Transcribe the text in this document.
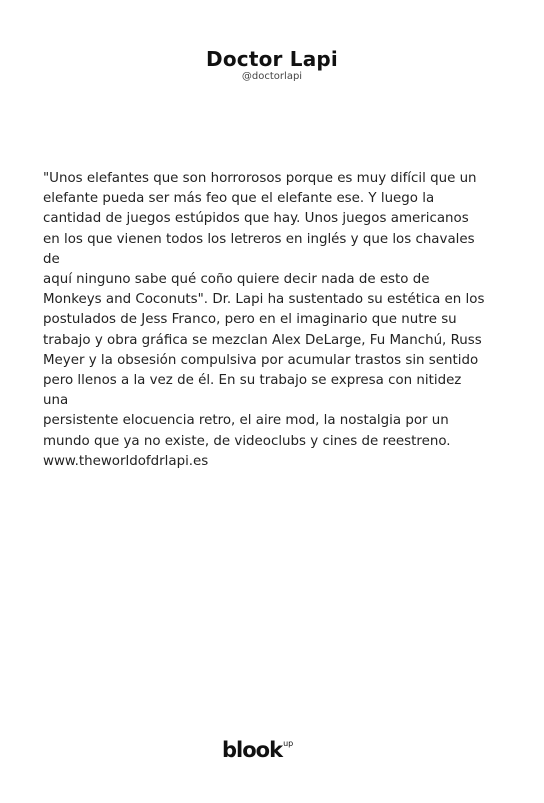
Doctor Lapi
@doctorlapi

"Unos elefantes que son horrorosos porque es muy difícil que un
elefante pueda ser más feo que el elefante ese. Y luego la
cantidad de juegos estúpidos que hay. Unos juegos americanos
en los que vienen todos los letreros en inglés y que los chavales de
aquí ninguno sabe qué coño quiere decir nada de esto de
Monkeys and Coconuts". Dr. Lapi ha sustentado su estética en los
postulados de Jess Franco, pero en el imaginario que nutre su
trabajo y obra gráfica se mezclan Alex DeLarge, Fu Manchú, Russ
Meyer y la obsesión compulsiva por acumular trastos sin sentido
pero llenos a la vez de él. En su trabajo se expresa con nitidez una
persistente elocuencia retro, el aire mod, la nostalgia por un
mundo que ya no existe, de videoclubs y cines de reestreno.
www.theworldofdrlapi.es

blook up
